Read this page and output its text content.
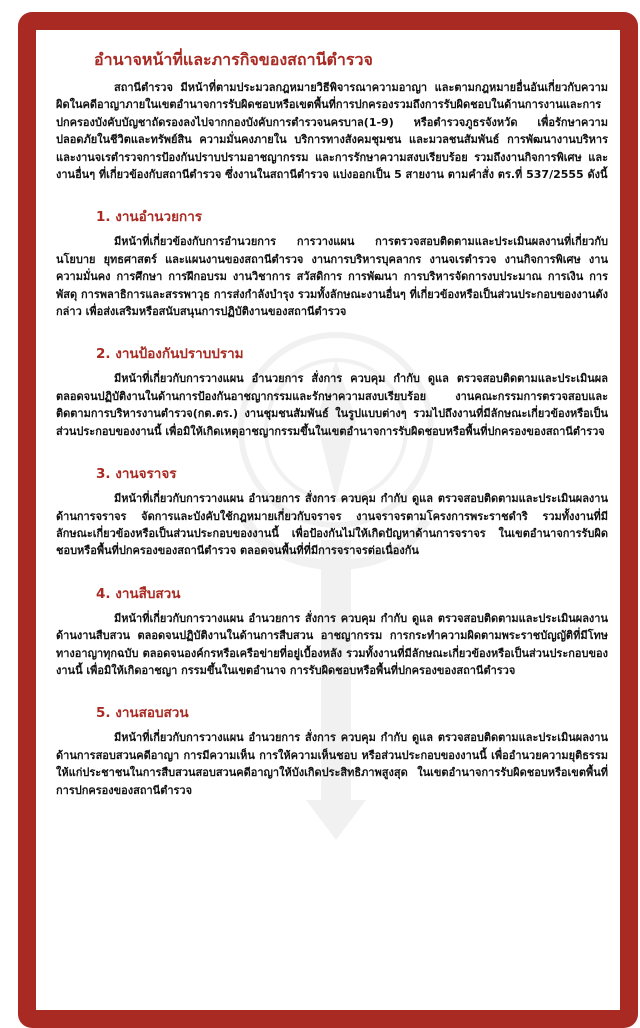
อำนาจหน้าที่และภารกิจของสถานีตำรวจ

สถานีตำรวจ มีหน้าที่ตามประมวลกฎหมายวิธีพิจารณาความอาญา และตามกฎหมายอื่นอันเกี่ยวกับความผิดในคดีอาญาภายในเขตอำนาจการรับผิดชอบหรือเขตพื้นที่การปกครองรวมถึงการรับผิดชอบในด้านการงานและการปกครองบังคับบัญชาถัดรองลงไปจากกองบังคับการตำรวจนครบาล(1-9) หรือตำรวจภูธรจังหวัด เพื่อรักษาความปลอดภัยในชีวิตและทรัพย์สิน ความมั่นคงภายใน บริการทางสังคมชุมชน และมวลชนสัมพันธ์ การพัฒนางานบริหารและงานจเรตำรวจการป้องกันปราบปรามอาชญากรรม และการรักษาความสงบเรียบร้อย รวมถึงงานกิจการพิเศษ และงานอื่นๆ ที่เกี่ยวข้องกับสถานีตำรวจ ซึ่งงานในสถานีตำรวจ แบ่งออกเป็น 5 สายงาน ตามคำสั่ง ตร.ที่ 537/2555 ดังนี้

1. งานอำนวยการ

มีหน้าที่เกี่ยวข้องกับการอำนวยการ การวางแผน การตรวจสอบติดตามและประเมินผลงานที่เกี่ยวกับนโยบาย ยุทธศาสตร์ และแผนงานของสถานีตำรวจ งานการบริหารบุคลากร งานจเรตำรวจ งานกิจการพิเศษ งานความมั่นคง การศึกษา การฝึกอบรม งานวิชาการ สวัสดิการ การพัฒนา การบริหารจัดการงบประมาณ การเงิน การพัสดุ การพลาธิการและสรรพาวุธ การส่งกำลังบำรุง รวมทั้งลักษณะงานอื่นๆ ที่เกี่ยวข้องหรือเป็นส่วนประกอบของงานดังกล่าว เพื่อส่งเสริมหรือสนับสนุนการปฏิบัติงานของสถานีตำรวจ

2. งานป้องกันปราบปราม

มีหน้าที่เกี่ยวกับการวางแผน อำนวยการ สั่งการ ควบคุม กำกับ ดูแล ตรวจสอบติดตามและประเมินผล ตลอดจนปฏิบัติงานในด้านการป้องกันอาชญากรรมและรักษาความสงบเรียบร้อย งานคณะกรรมการตรวจสอบและติดตามการบริหารงานตำรวจ(กต.ตร.) งานชุมชนสัมพันธ์ ในรูปแบบต่างๆ รวมไปถึงงานที่มีลักษณะเกี่ยวข้องหรือเป็นส่วนประกอบของงานนี้ เพื่อมิให้เกิดเหตุอาชญากรรมขึ้นในเขตอำนาจการรับผิดชอบหรือพื้นที่ปกครองของสถานีตำรวจ

3. งานจราจร

มีหน้าที่เกี่ยวกับการวางแผน อำนวยการ สั่งการ ควบคุม กำกับ ดูแล ตรวจสอบติดตามและประเมินผลงานด้านการจราจร จัดการและบังคับใช้กฎหมายเกี่ยวกับจราจร งานจราจรตามโครงการพระราชดำริ รวมทั้งงานที่มีลักษณะเกี่ยวข้องหรือเป็นส่วนประกอบของงานนี้ เพื่อป้องกันไม่ให้เกิดปัญหาด้านการจราจร ในเขตอำนาจการรับผิดชอบหรือพื้นที่ปกครองของสถานีตำรวจ ตลอดจนพื้นที่ที่มีการจราจรต่อเนื่องกัน

4. งานสืบสวน

มีหน้าที่เกี่ยวกับการวางแผน อำนวยการ สั่งการ ควบคุม กำกับ ดูแล ตรวจสอบติดตามและประเมินผลงานด้านงานสืบสวน ตลอดจนปฏิบัติงานในด้านการสืบสวน อาชญากรรม การกระทำความผิดตามพระราชบัญญัติที่มีโทษทางอาญาทุกฉบับ ตลอดจนองค์กรหรือเครือข่ายที่อยู่เบื้องหลัง รวมทั้งงานที่มีลักษณะเกี่ยวข้องหรือเป็นส่วนประกอบของงานนี้ เพื่อมิให้เกิดอาชญา กรรมขึ้นในเขตอำนาจ การรับผิดชอบหรือพื้นที่ปกครองของสถานีตำรวจ

5. งานสอบสวน

มีหน้าที่เกี่ยวกับการวางแผน อำนวยการ สั่งการ ควบคุม กำกับ ดูแล ตรวจสอบติดตามและประเมินผลงานด้านการสอบสวนคดีอาญา การมีความเห็น การให้ความเห็นชอบ หรือส่วนประกอบของงานนี้ เพื่ออำนวยความยุติธรรมให้แก่ประชาชนในการสืบสวนสอบสวนคดีอาญาให้บังเกิดประสิทธิภาพสูงสุด ในเขตอำนาจการรับผิดชอบหรือเขตพื้นที่การปกครองของสถานีตำรวจ
